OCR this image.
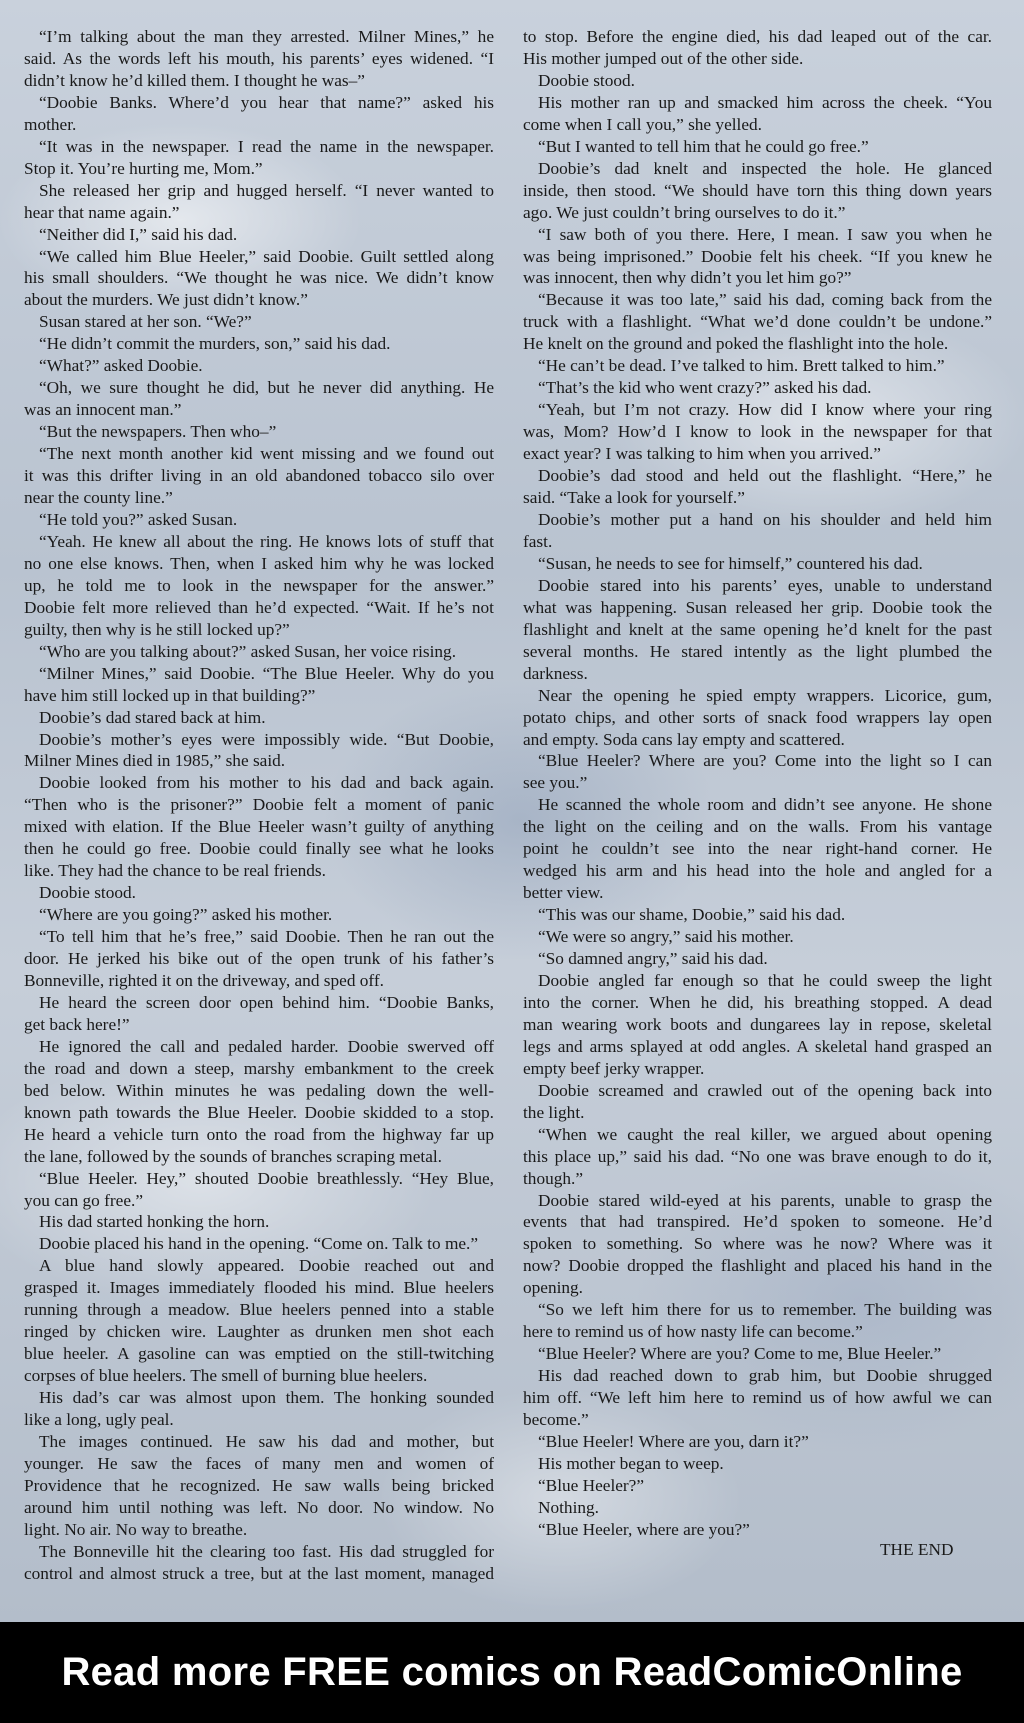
“I’m talking about the man they arrested. Milner Mines,” he

said. As the words left his mouth, his parents’ eyes widened. “I

didn’t know he’d killed them. I thought he was–”

“Doobie Banks. Where’d you hear that name?” asked his

mother.

“It was in the newspaper. I read the name in the newspaper.

Stop it. You’re hurting me, Mom.”

She released her grip and hugged herself. “I never wanted to

hear that name again.”

“Neither did I,” said his dad.

“We called him Blue Heeler,” said Doobie. Guilt settled along

his small shoulders. “We thought he was nice. We didn’t know

about the murders. We just didn’t know.”

Susan stared at her son. “We?”

“He didn’t commit the murders, son,” said his dad.

“What?” asked Doobie.

“Oh, we sure thought he did, but he never did anything. He

was an innocent man.”

“But the newspapers. Then who–”

“The next month another kid went missing and we found out

it was this drifter living in an old abandoned tobacco silo over

near the county line.”

“He told you?” asked Susan.

“Yeah. He knew all about the ring. He knows lots of stuff that

no one else knows. Then, when I asked him why he was locked

up, he told me to look in the newspaper for the answer.”

Doobie felt more relieved than he’d expected. “Wait. If he’s not

guilty, then why is he still locked up?”

“Who are you talking about?” asked Susan, her voice rising.

“Milner Mines,” said Doobie. “The Blue Heeler. Why do you

have him still locked up in that building?”

Doobie’s dad stared back at him.

Doobie’s mother’s eyes were impossibly wide. “But Doobie,

Milner Mines died in 1985,” she said.

Doobie looked from his mother to his dad and back again.

“Then who is the prisoner?” Doobie felt a moment of panic

mixed with elation. If the Blue Heeler wasn’t guilty of anything

then he could go free. Doobie could finally see what he looks

like. They had the chance to be real friends.

Doobie stood.

“Where are you going?” asked his mother.

“To tell him that he’s free,” said Doobie. Then he ran out the

door. He jerked his bike out of the open trunk of his father’s

Bonneville, righted it on the driveway, and sped off.

He heard the screen door open behind him. “Doobie Banks,

get back here!”

He ignored the call and pedaled harder. Doobie swerved off

the road and down a steep, marshy embankment to the creek

bed below. Within minutes he was pedaling down the well-

known path towards the Blue Heeler. Doobie skidded to a stop.

He heard a vehicle turn onto the road from the highway far up

the lane, followed by the sounds of branches scraping metal.

“Blue Heeler. Hey,” shouted Doobie breathlessly. “Hey Blue,

you can go free.”

His dad started honking the horn.

Doobie placed his hand in the opening. “Come on. Talk to me.”

A blue hand slowly appeared. Doobie reached out and

grasped it. Images immediately flooded his mind. Blue heelers

running through a meadow. Blue heelers penned into a stable

ringed by chicken wire. Laughter as drunken men shot each

blue heeler. A gasoline can was emptied on the still-twitching

corpses of blue heelers. The smell of burning blue heelers.

His dad’s car was almost upon them. The honking sounded

like a long, ugly peal.

The images continued. He saw his dad and mother, but

younger. He saw the faces of many men and women of

Providence that he recognized. He saw walls being bricked

around him until nothing was left. No door. No window. No

light. No air. No way to breathe.

The Bonneville hit the clearing too fast. His dad struggled for

control and almost struck a tree, but at the last moment, managed

to stop. Before the engine died, his dad leaped out of the car.

His mother jumped out of the other side.

Doobie stood.

His mother ran up and smacked him across the cheek. “You

come when I call you,” she yelled.

“But I wanted to tell him that he could go free.”

Doobie’s dad knelt and inspected the hole. He glanced

inside, then stood. “We should have torn this thing down years

ago. We just couldn’t bring ourselves to do it.”

“I saw both of you there. Here, I mean. I saw you when he

was being imprisoned.” Doobie felt his cheek. “If you knew he

was innocent, then why didn’t you let him go?”

“Because it was too late,” said his dad, coming back from the

truck with a flashlight. “What we’d done couldn’t be undone.”

He knelt on the ground and poked the flashlight into the hole.

“He can’t be dead. I’ve talked to him. Brett talked to him.”

“That’s the kid who went crazy?” asked his dad.

“Yeah, but I’m not crazy. How did I know where your ring

was, Mom? How’d I know to look in the newspaper for that

exact year? I was talking to him when you arrived.”

Doobie’s dad stood and held out the flashlight. “Here,” he

said. “Take a look for yourself.”

Doobie’s mother put a hand on his shoulder and held him

fast.

“Susan, he needs to see for himself,” countered his dad.

Doobie stared into his parents’ eyes, unable to understand

what was happening. Susan released her grip. Doobie took the

flashlight and knelt at the same opening he’d knelt for the past

several months. He stared intently as the light plumbed the

darkness.

Near the opening he spied empty wrappers. Licorice, gum,

potato chips, and other sorts of snack food wrappers lay open

and empty. Soda cans lay empty and scattered.

“Blue Heeler? Where are you? Come into the light so I can

see you.”

He scanned the whole room and didn’t see anyone. He shone

the light on the ceiling and on the walls. From his vantage

point he couldn’t see into the near right-hand corner. He

wedged his arm and his head into the hole and angled for a

better view.

“This was our shame, Doobie,” said his dad.

“We were so angry,” said his mother.

“So damned angry,” said his dad.

Doobie angled far enough so that he could sweep the light

into the corner. When he did, his breathing stopped. A dead

man wearing work boots and dungarees lay in repose, skeletal

legs and arms splayed at odd angles. A skeletal hand grasped an

empty beef jerky wrapper.

Doobie screamed and crawled out of the opening back into

the light.

“When we caught the real killer, we argued about opening

this place up,” said his dad. “No one was brave enough to do it,

though.”

Doobie stared wild-eyed at his parents, unable to grasp the

events that had transpired. He’d spoken to someone. He’d

spoken to something. So where was he now? Where was it

now? Doobie dropped the flashlight and placed his hand in the

opening.

“So we left him there for us to remember. The building was

here to remind us of how nasty life can become.”

“Blue Heeler? Where are you? Come to me, Blue Heeler.”

His dad reached down to grab him, but Doobie shrugged

him off. “We left him here to remind us of how awful we can

become.”

“Blue Heeler! Where are you, darn it?”

His mother began to weep.

“Blue Heeler?”

Nothing.

“Blue Heeler, where are you?”

THE END
Read more FREE comics on ReadComicOnline
